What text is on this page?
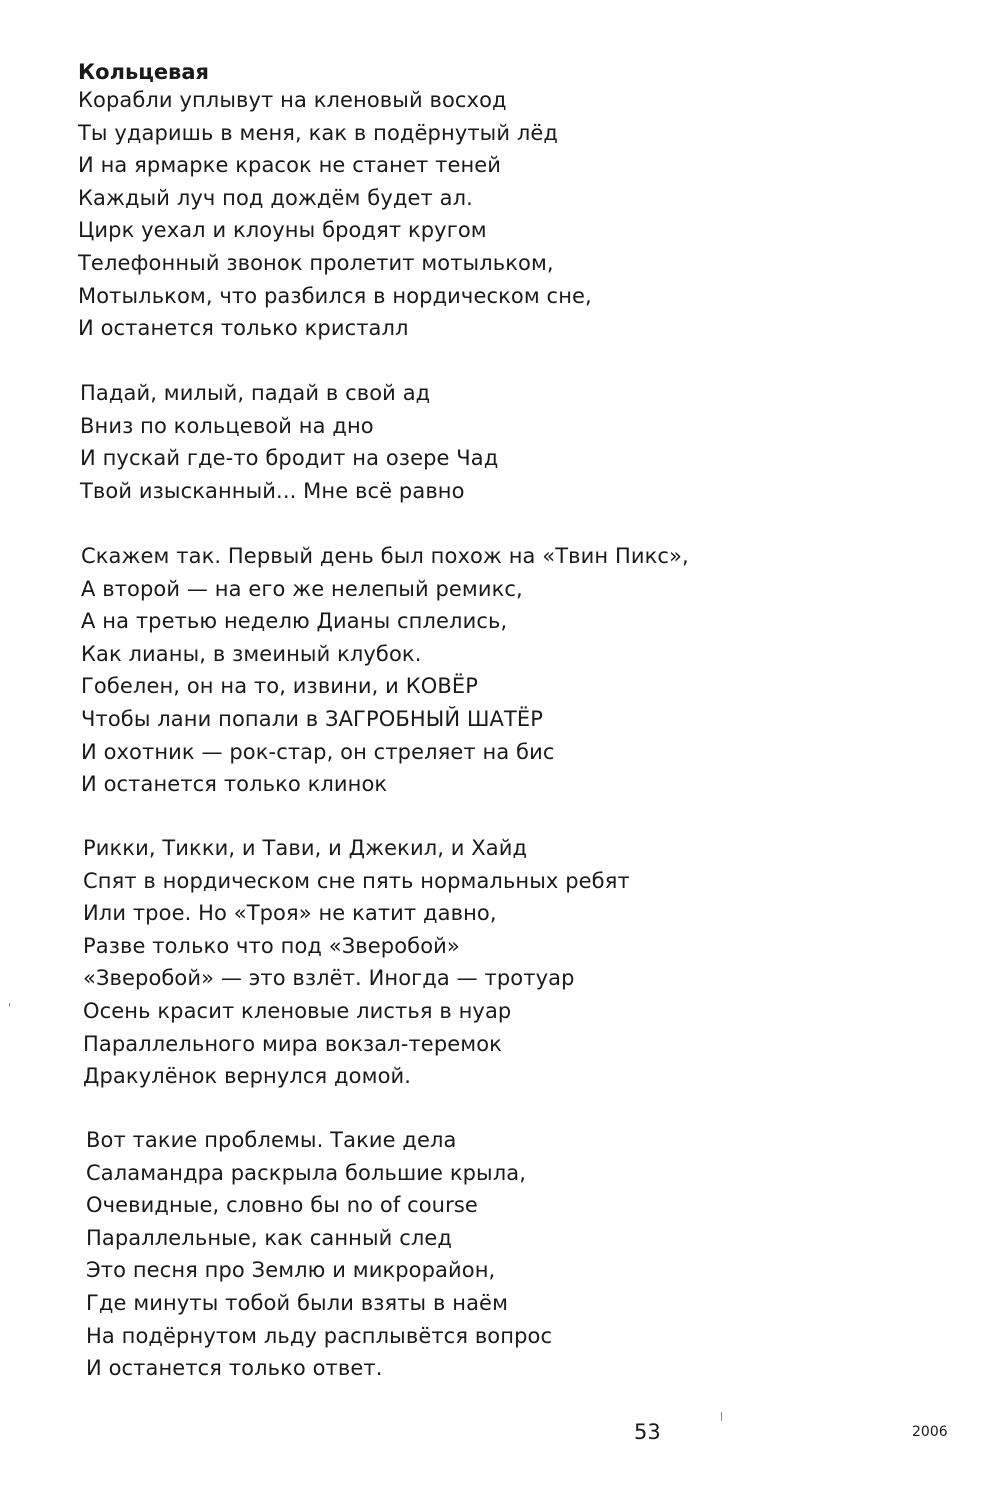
Кольцевая
Корабли уплывут на кленовый восход
Ты ударишь в меня, как в подёрнутый лёд
И на ярмарке красок не станет теней
Каждый луч под дождём будет ал.
Цирк уехал и клоуны бродят кругом
Телефонный звонок пролетит мотыльком,
Мотыльком, что разбился в нордическом сне,
И останется только кристалл
Падай, милый, падай в свой ад
Вниз по кольцевой на дно
И пускай где-то бродит на озере Чад
Твой изысканный... Мне всё равно
Скажем так. Первый день был похож на «Твин Пикс»,
А второй — на его же нелепый ремикс,
А на третью неделю Дианы сплелись,
Как лианы, в змеиный клубок.
Гобелен, он на то, извини, и КОВЁР
Чтобы лани попали в ЗАГРОБНЫЙ ШАТЁР
И охотник — рок-стар, он стреляет на бис
И останется только клинок
Рикки, Тикки, и Тави, и Джекил, и Хайд
Спят в нордическом сне пять нормальных ребят
Или трое. Но «Троя» не катит давно,
Разве только что под «Зверобой»
«Зверобой» — это взлёт. Иногда — тротуар
Осень красит кленовые листья в нуар
Параллельного мира вокзал-теремок
Дракулёнок вернулся домой.
Вот такие проблемы. Такие дела
Саламандра раскрыла большие крыла,
Очевидные, словно бы no of course
Параллельные, как санный след
Это песня про Землю и микрорайон,
Где минуты тобой были взяты в наём
На подёрнутом льду расплывётся вопрос
И останется только ответ.
53	2006
